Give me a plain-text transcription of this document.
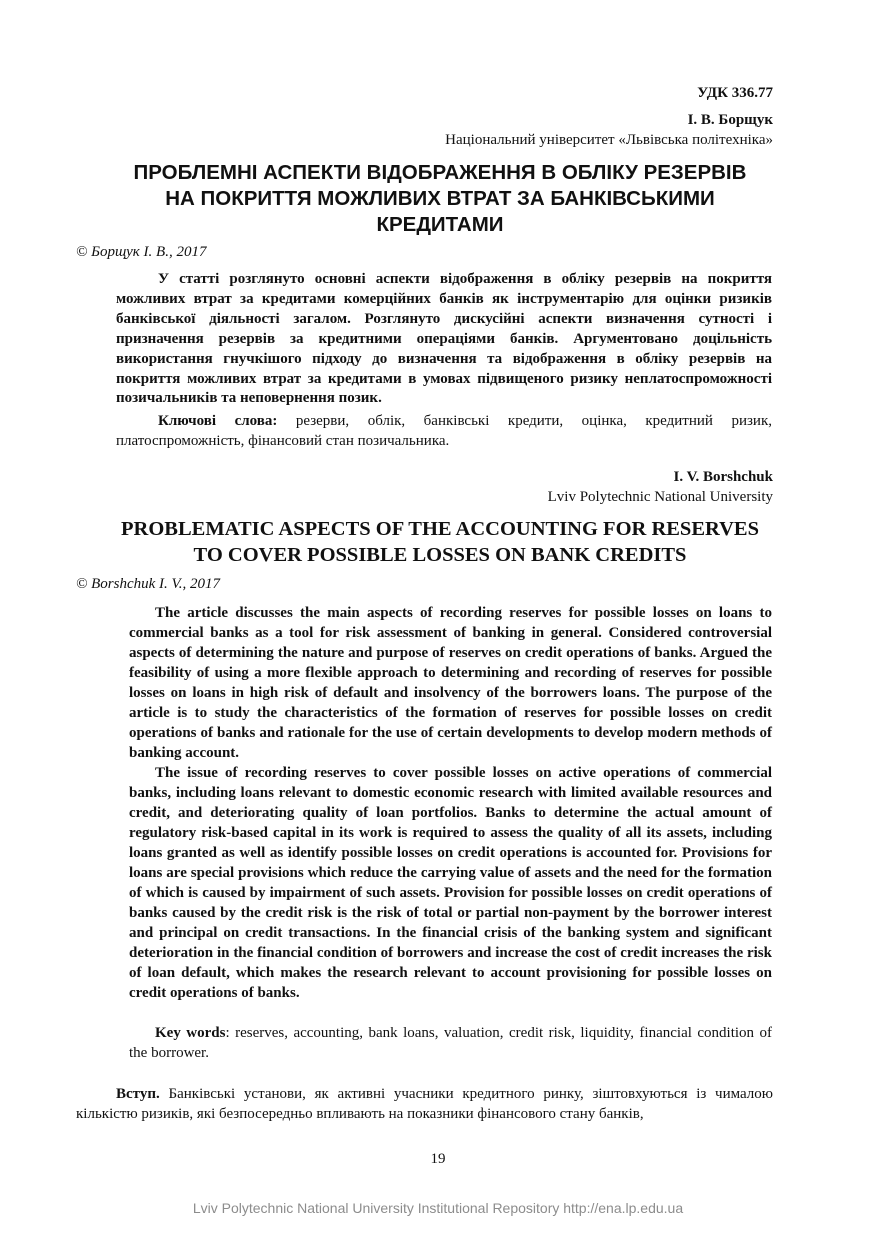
УДК 336.77
І. В. Борщук
Національний університет «Львівська політехніка»
ПРОБЛЕМНІ АСПЕКТИ ВІДОБРАЖЕННЯ В ОБЛІКУ РЕЗЕРВІВ
НА ПОКРИТТЯ МОЖЛИВИХ ВТРАТ ЗА БАНКІВСЬКИМИ
КРЕДИТАМИ
© Борщук І. В., 2017
У статті розглянуто основні аспекти відображення в обліку резервів на покриття можливих втрат за кредитами комерційних банків як інструментарію для оцінки ризиків банківської діяльності загалом. Розглянуто дискусійні аспекти визначення сутності і призначення резервів за кредитними операціями банків. Аргументовано доцільність використання гнучкішого підходу до визначення та відображення в обліку резервів на покриття можливих втрат за кредитами в умовах підвищеного ризику неплатоспроможності позичальників та неповернення позик.
Ключові слова: резерви, облік, банківські кредити, оцінка, кредитний ризик, платоспроможність, фінансовий стан позичальника.
I. V. Borshchuk
Lviv Polytechnic National University
PROBLEMATIC ASPECTS OF THE ACCOUNTING FOR RESERVES
TO COVER POSSIBLE LOSSES ON BANK CREDITS
© Borshchuk I. V., 2017

The article discusses the main aspects of recording reserves for possible losses on loans to commercial banks as a tool for risk assessment of banking in general. Considered controversial aspects of determining the nature and purpose of reserves on credit operations of banks. Argued the feasibility of using a more flexible approach to determining and recording of reserves for possible losses on loans in high risk of default and insolvency of the borrowers loans. The purpose of the article is to study the characteristics of the formation of reserves for possible losses on credit operations of banks and rationale for the use of certain developments to develop modern methods of banking account.

The issue of recording reserves to cover possible losses on active operations of commercial banks, including loans relevant to domestic economic research with limited available resources and credit, and deteriorating quality of loan portfolios. Banks to determine the actual amount of regulatory risk-based capital in its work is required to assess the quality of all its assets, including loans granted as well as identify possible losses on credit operations is accounted for. Provisions for loans are special provisions which reduce the carrying value of assets and the need for the formation of which is caused by impairment of such assets. Provision for possible losses on credit operations of banks caused by the credit risk is the risk of total or partial non-payment by the borrower interest and principal on credit transactions. In the financial crisis of the banking system and significant deterioration in the financial condition of borrowers and increase the cost of credit increases the risk of loan default, which makes the research relevant to account provisioning for possible losses on credit operations of banks.

Key words: reserves, accounting, bank loans, valuation, credit risk, liquidity, financial condition of the borrower.
Вступ. Банківські установи, як активні учасники кредитного ринку, зіштовхуються із чималою кількістю ризиків, які безпосередньо впливають на показники фінансового стану банків,
19
Lviv Polytechnic National University Institutional Repository http://ena.lp.edu.ua
